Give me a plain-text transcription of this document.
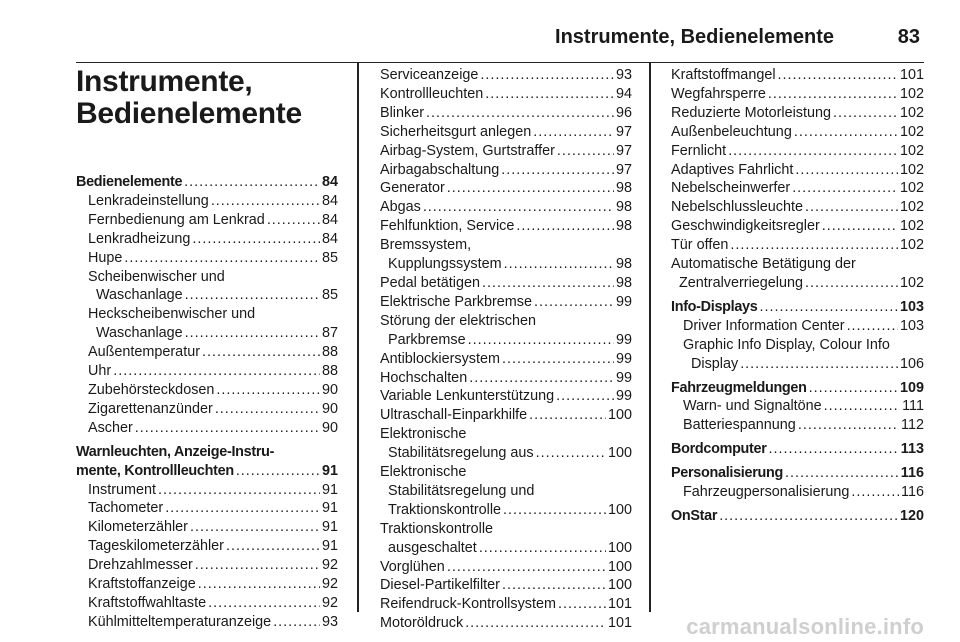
Instrumente, Bedienelemente	83
Instrumente,
Bedienelemente
Bedienelemente .....	84
Lenkradeinstellung .....	84
Fernbedienung am Lenkrad .....	84
Lenkradheizung .....	84
Hupe .....	85
Scheibenwischer und
Waschanlage .....	85
Heckscheibenwischer und
Waschanlage .....	87
Außentemperatur .....	88
Uhr .....	88
Zubehörsteckdosen .....	90
Zigarettenanzünder .....	90
Ascher .....	90
Warnleuchten, Anzeige-Instru-
mente, Kontrollleuchten .....	91
Instrument .....	91
Tachometer .....	91
Kilometerzähler .....	91
Tageskilometerzähler .....	91
Drehzahlmesser .....	92
Kraftstoffanzeige .....	92
Kraftstoffwahltaste .....	92
Kühlmitteltemperaturanzeige .....	93
Serviceanzeige .....	93
Kontrollleuchten .....	94
Blinker .....	96
Sicherheitsgurt anlegen .....	97
Airbag-System, Gurtstraffer .....	97
Airbagabschaltung .....	97
Generator .....	98
Abgas .....	98
Fehlfunktion, Service .....	98
Bremssystem,
Kupplungssystem .....	98
Pedal betätigen .....	98
Elektrische Parkbremse .....	99
Störung der elektrischen
Parkbremse .....	99
Antiblockiersystem .....	99
Hochschalten .....	99
Variable Lenkunterstützung .....	99
Ultraschall-Einparkhilfe .....	100
Elektronische
Stabilitätsregelung aus .....	100
Elektronische
Stabilitätsregelung und
Traktionskontrolle .....	100
Traktionskontrolle
ausgeschaltet .....	100
Vorglühen .....	100
Diesel-Partikelfilter .....	100
Reifendruck-Kontrollsystem .....	101
Motoröldruck .....	101
Kraftstoffmangel .....	101
Wegfahrsperre .....	102
Reduzierte Motorleistung .....	102
Außenbeleuchtung .....	102
Fernlicht .....	102
Adaptives Fahrlicht .....	102
Nebelscheinwerfer .....	102
Nebelschlussleuchte .....	102
Geschwindigkeitsregler .....	102
Tür offen .....	102
Automatische Betätigung der
Zentralverriegelung .....	102
Info-Displays .....	103
Driver Information Center .....	103
Graphic Info Display, Colour Info
Display .....	106
Fahrzeugmeldungen .....	109
Warn- und Signaltöne .....	111
Batteriespannung .....	112
Bordcomputer .....	113
Personalisierung .....	116
Fahrzeugpersonalisierung .....	116
OnStar .....	120
carmanualsonline.info
